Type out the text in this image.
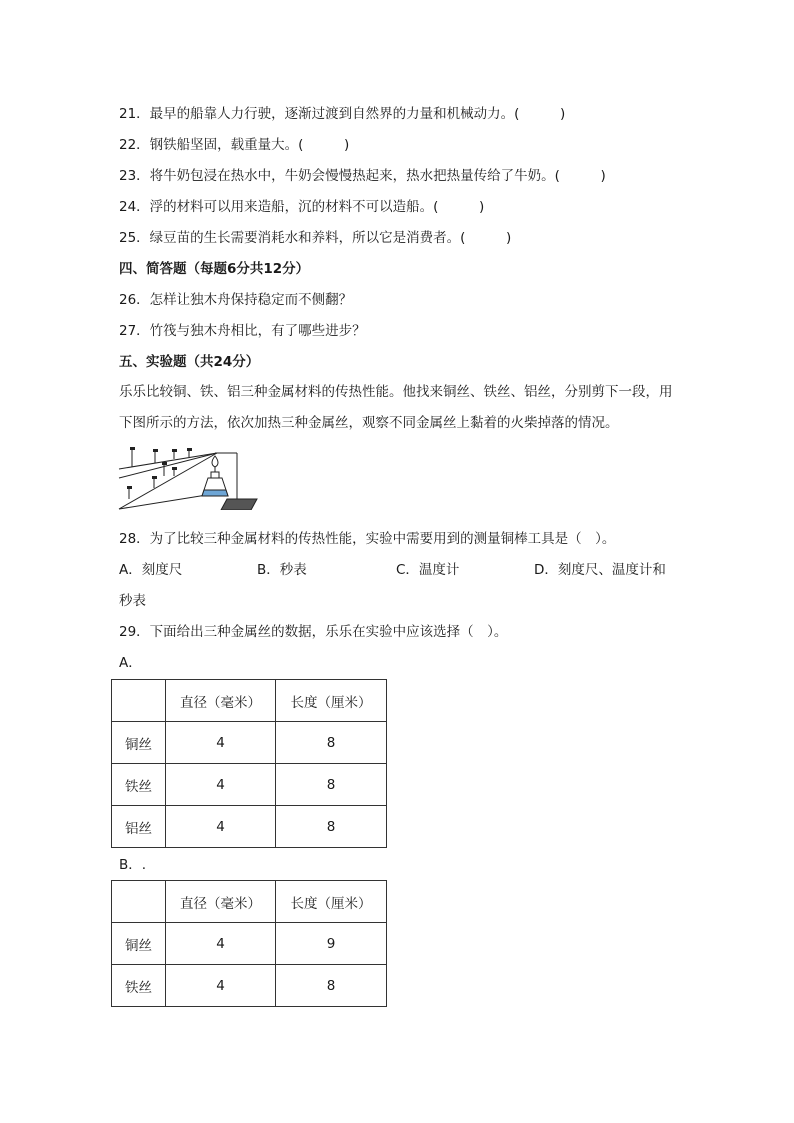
21．最早的船靠人力行驶，逐渐过渡到自然界的力量和机械动力。(　　　)
22．钢铁船坚固，载重量大。(　　　)
23．将牛奶包浸在热水中，牛奶会慢慢热起来，热水把热量传给了牛奶。(　　　)
24．浮的材料可以用来造船，沉的材料不可以造船。(　　　)
25．绿豆苗的生长需要消耗水和养料，所以它是消费者。(　　　)
四、简答题（每题6分共12分）
26．怎样让独木舟保持稳定而不侧翻？
27．竹筏与独木舟相比，有了哪些进步？
五、实验题（共24分）
乐乐比较铜、铁、铝三种金属材料的传热性能。他找来铜丝、铁丝、铝丝，分别剪下一段，用下图所示的方法，依次加热三种金属丝，观察不同金属丝上黏着的火柴掉落的情况。
28．为了比较三种金属材料的传热性能，实验中需要用到的测量铜棒工具是（　）。
A．刻度尺	B．秒表	C．温度计	D．刻度尺、温度计和
秒表
29．下面给出三种金属丝的数据，乐乐在实验中应该选择（　）。
A．
	直径（毫米）	长度（厘米）
铜丝	4	8
铁丝	4	8
铝丝	4	8
B．.
	直径（毫米）	长度（厘米）
铜丝	4	9
铁丝	4	8
